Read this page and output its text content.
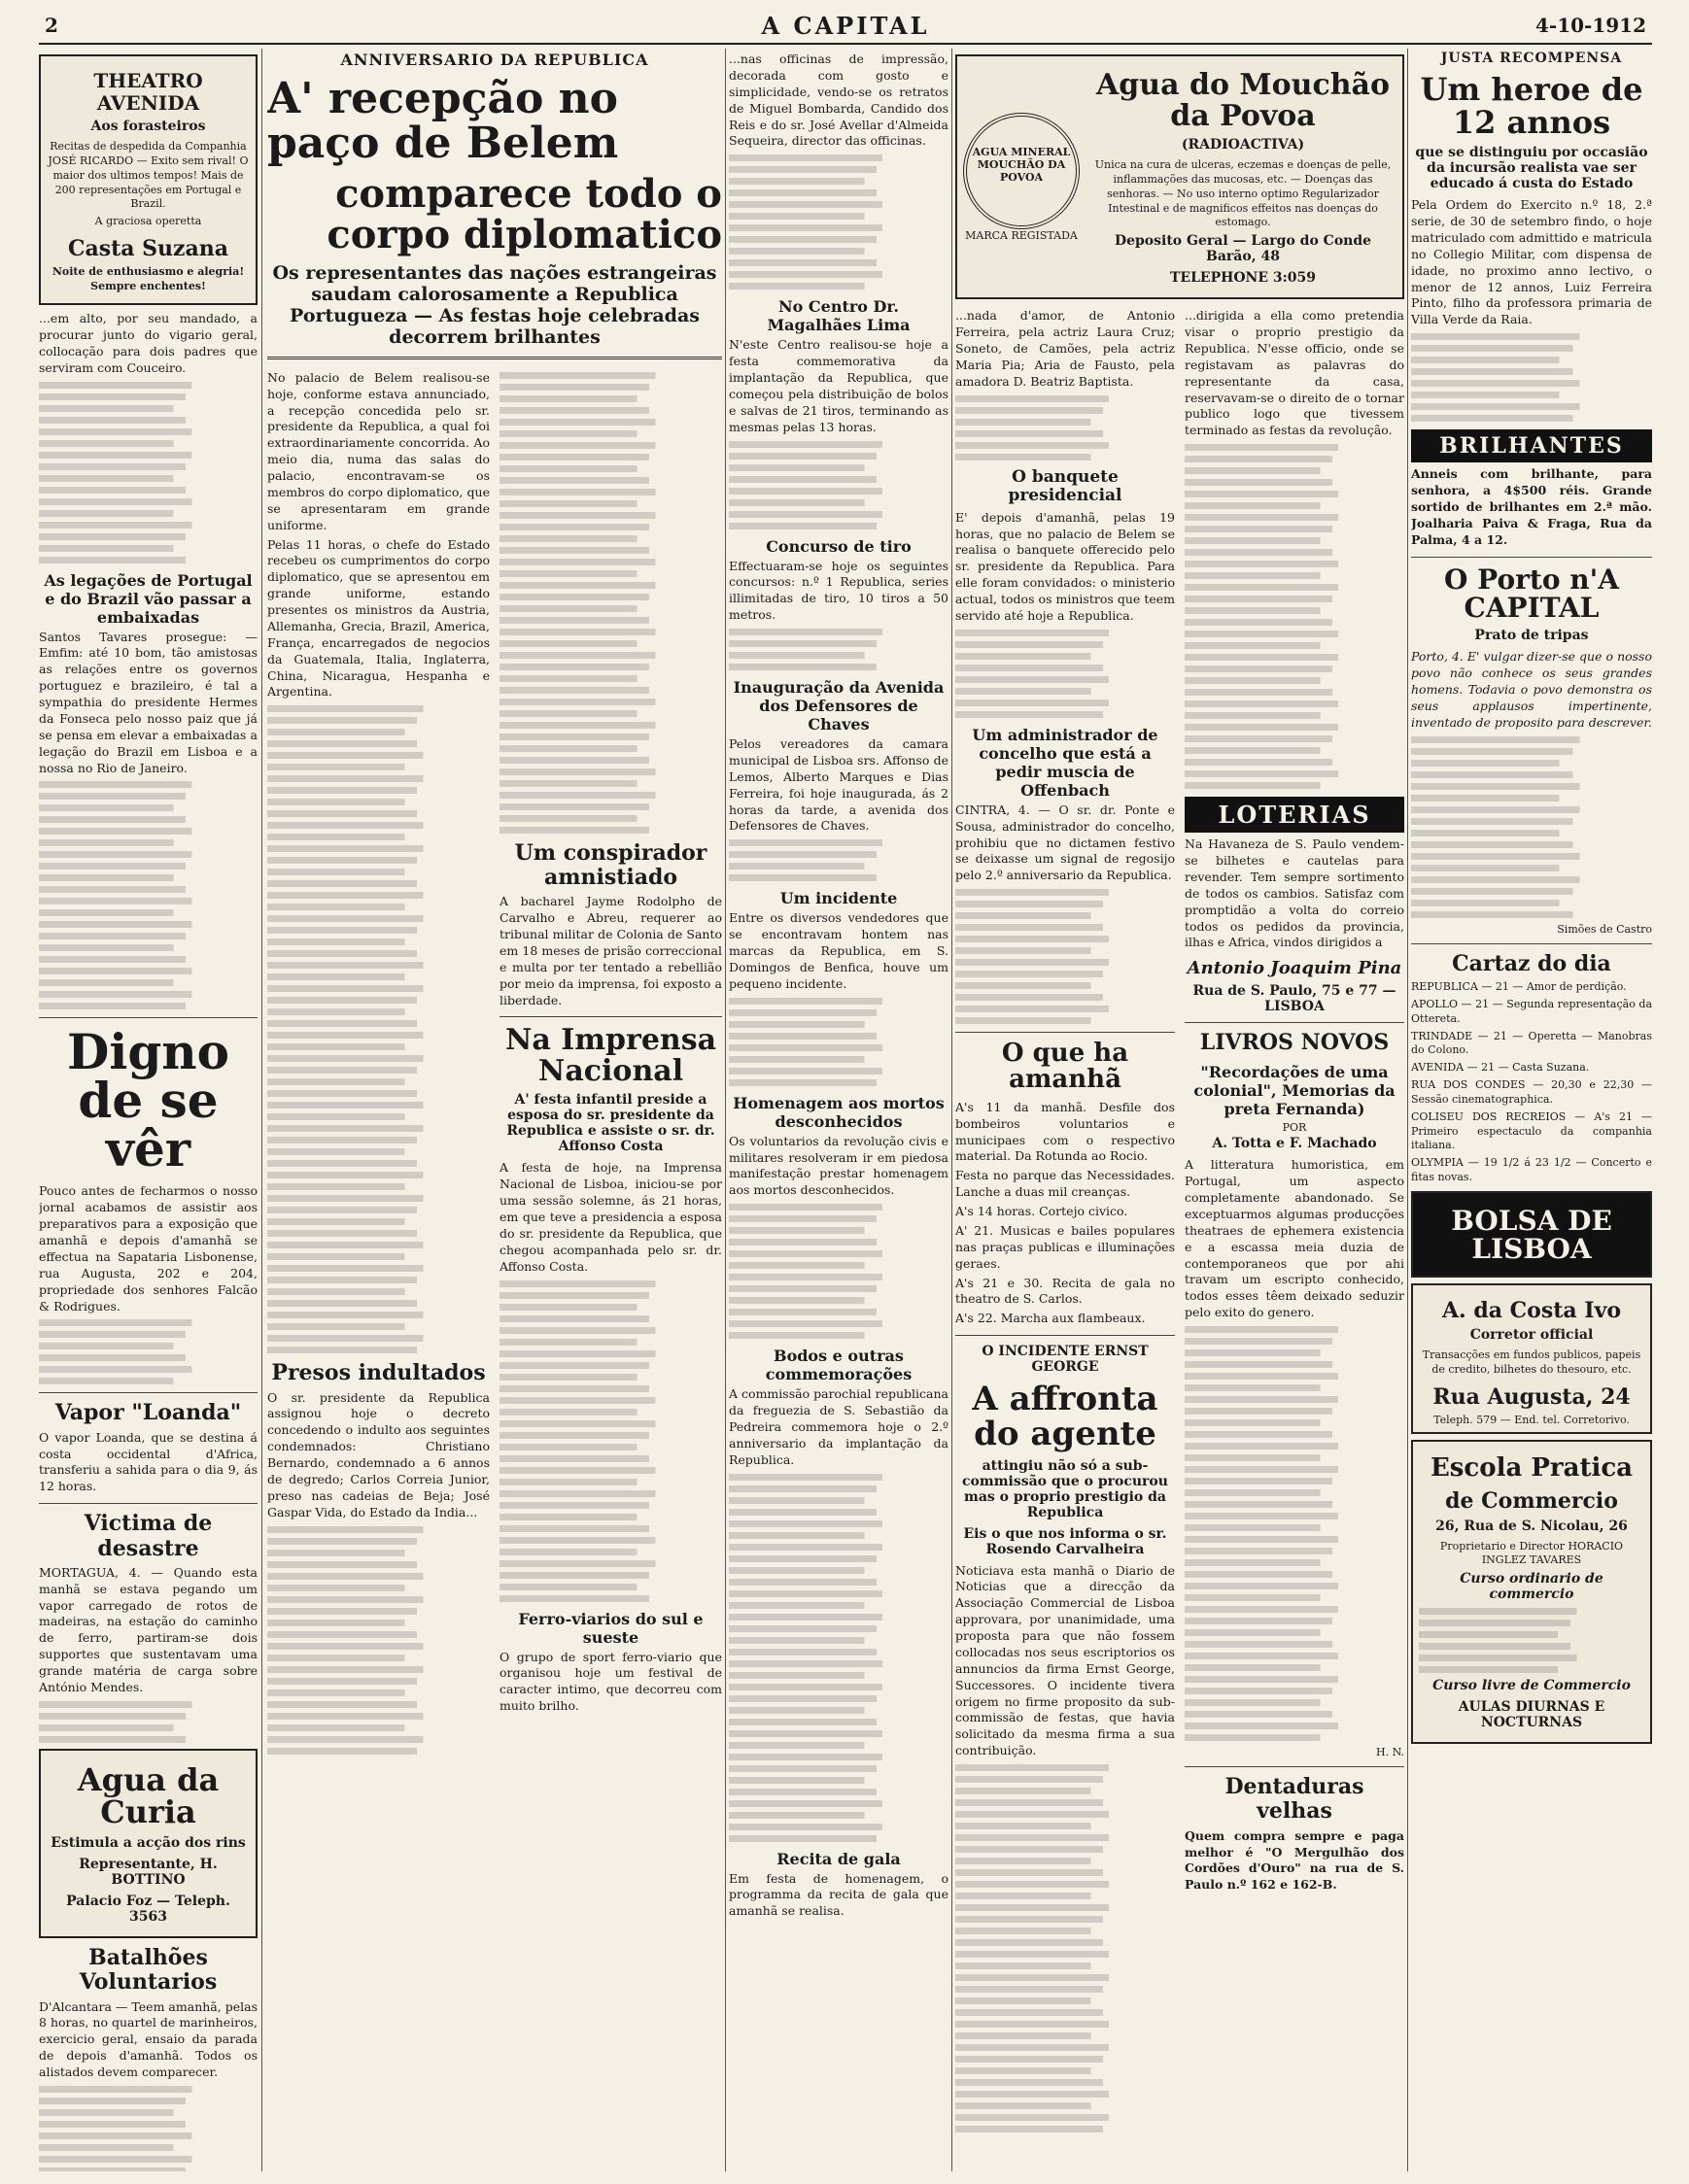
2	A CAPITAL	4-10-1912
THEATRO AVENIDA
Aos forasteiros
Recitas de despedida da Companhia JOSÉ RICARDO — Exito sem rival! O maior dos ultimos tempos! Mais de 200 representações em Portugal e Brazil.
A graciosa operetta
Casta Suzana
Noite de enthusiasmo e alegria! Sempre enchentes!
...em alto, por seu mandado, a procurar junto do vigario geral, collocação para dois padres que serviram com Couceiro.
As legações de Portugal e do Brazil vão passar a embaixadas
Santos Tavares prosegue: — Emfim: até 10 bom, tão amistosas as relações entre os governos portuguez e brazileiro, é tal a sympathia do presidente Hermes da Fonseca pelo nosso paiz que já se pensa em elevar a embaixadas a legação do Brazil em Lisboa e a nossa no Rio de Janeiro.
Digno de se vêr
Pouco antes de fecharmos o nosso jornal acabamos de assistir aos preparativos para a exposição que amanhã e depois d'amanhã se effectua na Sapataria Lisbonense, rua Augusta, 202 e 204, propriedade dos senhores Falcão & Rodrigues.
Vapor "Loanda"
O vapor Loanda, que se destina á costa occidental d'Africa, transferiu a sahida para o dia 9, ás 12 horas.
Victima de desastre
MORTAGUA, 4. — Quando esta manhã se estava pegando um vapor carregado de rotos de madeiras, na estação do caminho de ferro, partiram-se dois supportes que sustentavam uma grande matéria de carga sobre António Mendes.
Agua da Curia
Estimula a acção dos rins
Representante, H. BOTTINO
Palacio Foz — Teleph. 3563
Batalhões Voluntarios
D'Alcantara — Teem amanhã, pelas 8 horas, no quartel de marinheiros, exercicio geral, ensaio da parada de depois d'amanhã. Todos os alistados devem comparecer.
ANNIVERSARIO DA REPUBLICA
A' recepção no paço de Belem
comparece todo o corpo diplomatico
Os representantes das nações estrangeiras saudam calorosamente a Republica Portugueza — As festas hoje celebradas decorrem brilhantes
No palacio de Belem realisou-se hoje, conforme estava annunciado, a recepção concedida pelo sr. presidente da Republica, a qual foi extraordinariamente concorrida. Ao meio dia, numa das salas do palacio, encontravam-se os membros do corpo diplomatico, que se apresentaram em grande uniforme.
Pelas 11 horas, o chefe do Estado recebeu os cumprimentos do corpo diplomatico, que se apresentou em grande uniforme, estando presentes os ministros da Austria, Allemanha, Grecia, Brazil, America, França, encarregados de negocios da Guatemala, Italia, Inglaterra, China, Nicaragua, Hespanha e Argentina.
Presos indultados
O sr. presidente da Republica assignou hoje o decreto concedendo o indulto aos seguintes condemnados: Christiano Bernardo, condemnado a 6 annos de degredo; Carlos Correia Junior, preso nas cadeias de Beja; José Gaspar Vida, do Estado da India...
Um conspirador amnistiado
A bacharel Jayme Rodolpho de Carvalho e Abreu, requerer ao tribunal militar de Colonia de Santo em 18 meses de prisão correccional e multa por ter tentado a rebellião por meio da imprensa, foi exposto a liberdade.
Na Imprensa Nacional
A' festa infantil preside a esposa do sr. presidente da Republica e assiste o sr. dr. Affonso Costa
A festa de hoje, na Imprensa Nacional de Lisboa, iniciou-se por uma sessão solemne, ás 21 horas, em que teve a presidencia a esposa do sr. presidente da Republica, que chegou acompanhada pelo sr. dr. Affonso Costa.
Ferro-viarios do sul e sueste
O grupo de sport ferro-viario que organisou hoje um festival de caracter intimo, que decorreu com muito brilho.
...nas officinas de impressão, decorada com gosto e simplicidade, vendo-se os retratos de Miguel Bombarda, Candido dos Reis e do sr. José Avellar d'Almeida Sequeira, director das officinas.
No Centro Dr. Magalhães Lima
N'este Centro realisou-se hoje a festa commemorativa da implantação da Republica, que começou pela distribuição de bolos e salvas de 21 tiros, terminando as mesmas pelas 13 horas.
Concurso de tiro
Effectuaram-se hoje os seguintes concursos: n.º 1 Republica, series illimitadas de tiro, 10 tiros a 50 metros.
Inauguração da Avenida dos Defensores de Chaves
Pelos vereadores da camara municipal de Lisboa srs. Affonso de Lemos, Alberto Marques e Dias Ferreira, foi hoje inaugurada, ás 2 horas da tarde, a avenida dos Defensores de Chaves.
Um incidente
Entre os diversos vendedores que se encontravam hontem nas marcas da Republica, em S. Domingos de Benfica, houve um pequeno incidente.
Homenagem aos mortos desconhecidos
Os voluntarios da revolução civis e militares resolveram ir em piedosa manifestação prestar homenagem aos mortos desconhecidos.
Bodos e outras commemorações
A commissão parochial republicana da freguezia de S. Sebastião da Pedreira commemora hoje o 2.º anniversario da implantação da Republica.
Recita de gala
Em festa de homenagem, o programma da recita de gala que amanhã se realisa.
AGUA MINERAL MOUCHÃO DA POVOA
MARCA REGISTADA
Agua do Mouchão da Povoa
(RADIOACTIVA)
Unica na cura de ulceras, eczemas e doenças de pelle, inflammações das mucosas, etc. — Doenças das senhoras. — No uso interno optimo Regularizador Intestinal e de magnificos effeitos nas doenças do estomago.
Deposito Geral — Largo do Conde Barão, 48
TELEPHONE 3:059
...nada d'amor, de Antonio Ferreira, pela actriz Laura Cruz; Soneto, de Camões, pela actriz Maria Pia; Aria de Fausto, pela amadora D. Beatriz Baptista.
O banquete presidencial
E' depois d'amanhã, pelas 19 horas, que no palacio de Belem se realisa o banquete offerecido pelo sr. presidente da Republica. Para elle foram convidados: o ministerio actual, todos os ministros que teem servido até hoje a Republica.
Um administrador de concelho que está a pedir muscia de Offenbach
CINTRA, 4. — O sr. dr. Ponte e Sousa, administrador do concelho, prohibiu que no dictamen festivo se deixasse um signal de regosijo pelo 2.º anniversario da Republica.
O que ha amanhã
A's 11 da manhã. Desfile dos bombeiros voluntarios e municipaes com o respectivo material. Da Rotunda ao Rocio.
Festa no parque das Necessidades. Lanche a duas mil creanças.
A's 14 horas. Cortejo civico.
A' 21. Musicas e bailes populares nas praças publicas e illuminações geraes.
A's 21 e 30. Recita de gala no theatro de S. Carlos.
A's 22. Marcha aux flambeaux.
O INCIDENTE ERNST GEORGE
A affronta do agente
attingiu não só a sub-commissão que o procurou mas o proprio prestigio da Republica
Eis o que nos informa o sr. Rosendo Carvalheira
Noticiava esta manhã o Diario de Noticias que a direcção da Associação Commercial de Lisboa approvara, por unanimidade, uma proposta para que não fossem collocadas nos seus escriptorios os annuncios da firma Ernst George, Successores. O incidente tivera origem no firme proposito da sub-commissão de festas, que havia solicitado da mesma firma a sua contribuição.
...dirigida a ella como pretendia visar o proprio prestigio da Republica. N'esse officio, onde se registavam as palavras do representante da casa, reservavam-se o direito de o tornar publico logo que tivessem terminado as festas da revolução.
LOTERIAS
Na Havaneza de S. Paulo vendem-se bilhetes e cautelas para revender. Tem sempre sortimento de todos os cambios. Satisfaz com promptidão a volta do correio todos os pedidos da provincia, ilhas e Africa, vindos dirigidos a
Antonio Joaquim Pina
Rua de S. Paulo, 75 e 77 — LISBOA
LIVROS NOVOS
"Recordações de uma colonial", Memorias da preta Fernanda)
POR
A. Totta e F. Machado
A litteratura humoristica, em Portugal, um aspecto completamente abandonado. Se exceptuarmos algumas producções theatraes de ephemera existencia e a escassa meia duzia de contemporaneos que por ahi travam um escripto conhecido, todos esses têem deixado seduzir pelo exito do genero.
H. N.
Dentaduras velhas
Quem compra sempre e paga melhor é "O Mergulhão dos Cordões d'Ouro" na rua de S. Paulo n.º 162 e 162-B.
JUSTA RECOMPENSA
Um heroe de 12 annos
que se distinguiu por occasião da incursão realista vae ser educado á custa do Estado
Pela Ordem do Exercito n.º 18, 2.ª serie, de 30 de setembro findo, o hoje matriculado com admittido e matricula no Collegio Militar, com dispensa de idade, no proximo anno lectivo, o menor de 12 annos, Luiz Ferreira Pinto, filho da professora primaria de Villa Verde da Raia.
BRILHANTES
Anneis com brilhante, para senhora, a 4$500 réis. Grande sortido de brilhantes em 2.ª mão. Joalharia Paiva & Fraga, Rua da Palma, 4 a 12.
O Porto n'A CAPITAL
Prato de tripas
Porto, 4. E' vulgar dizer-se que o nosso povo não conhece os seus grandes homens. Todavia o povo demonstra os seus applausos impertinente, inventado de proposito para descrever.
Simões de Castro
Cartaz do dia
REPUBLICA — 21 — Amor de perdição.
APOLLO — 21 — Segunda representação da Ottereta.
TRINDADE — 21 — Operetta — Manobras do Colono.
AVENIDA — 21 — Casta Suzana.
RUA DOS CONDES — 20,30 e 22,30 — Sessão cinematographica.
COLISEU DOS RECREIOS — A's 21 — Primeiro espectaculo da companhia italiana.
OLYMPIA — 19 1/2 á 23 1/2 — Concerto e fitas novas.
BOLSA DE LISBOA
A. da Costa Ivo
Corretor official
Transacções em fundos publicos, papeis de credito, bilhetes do thesouro, etc.
Rua Augusta, 24
Teleph. 579 — End. tel. Corretorivo.
Escola Pratica
de Commercio
26, Rua de S. Nicolau, 26
Proprietario e Director HORACIO INGLEZ TAVARES
Curso ordinario de commercio
Curso livre de Commercio
AULAS DIURNAS E NOCTURNAS
